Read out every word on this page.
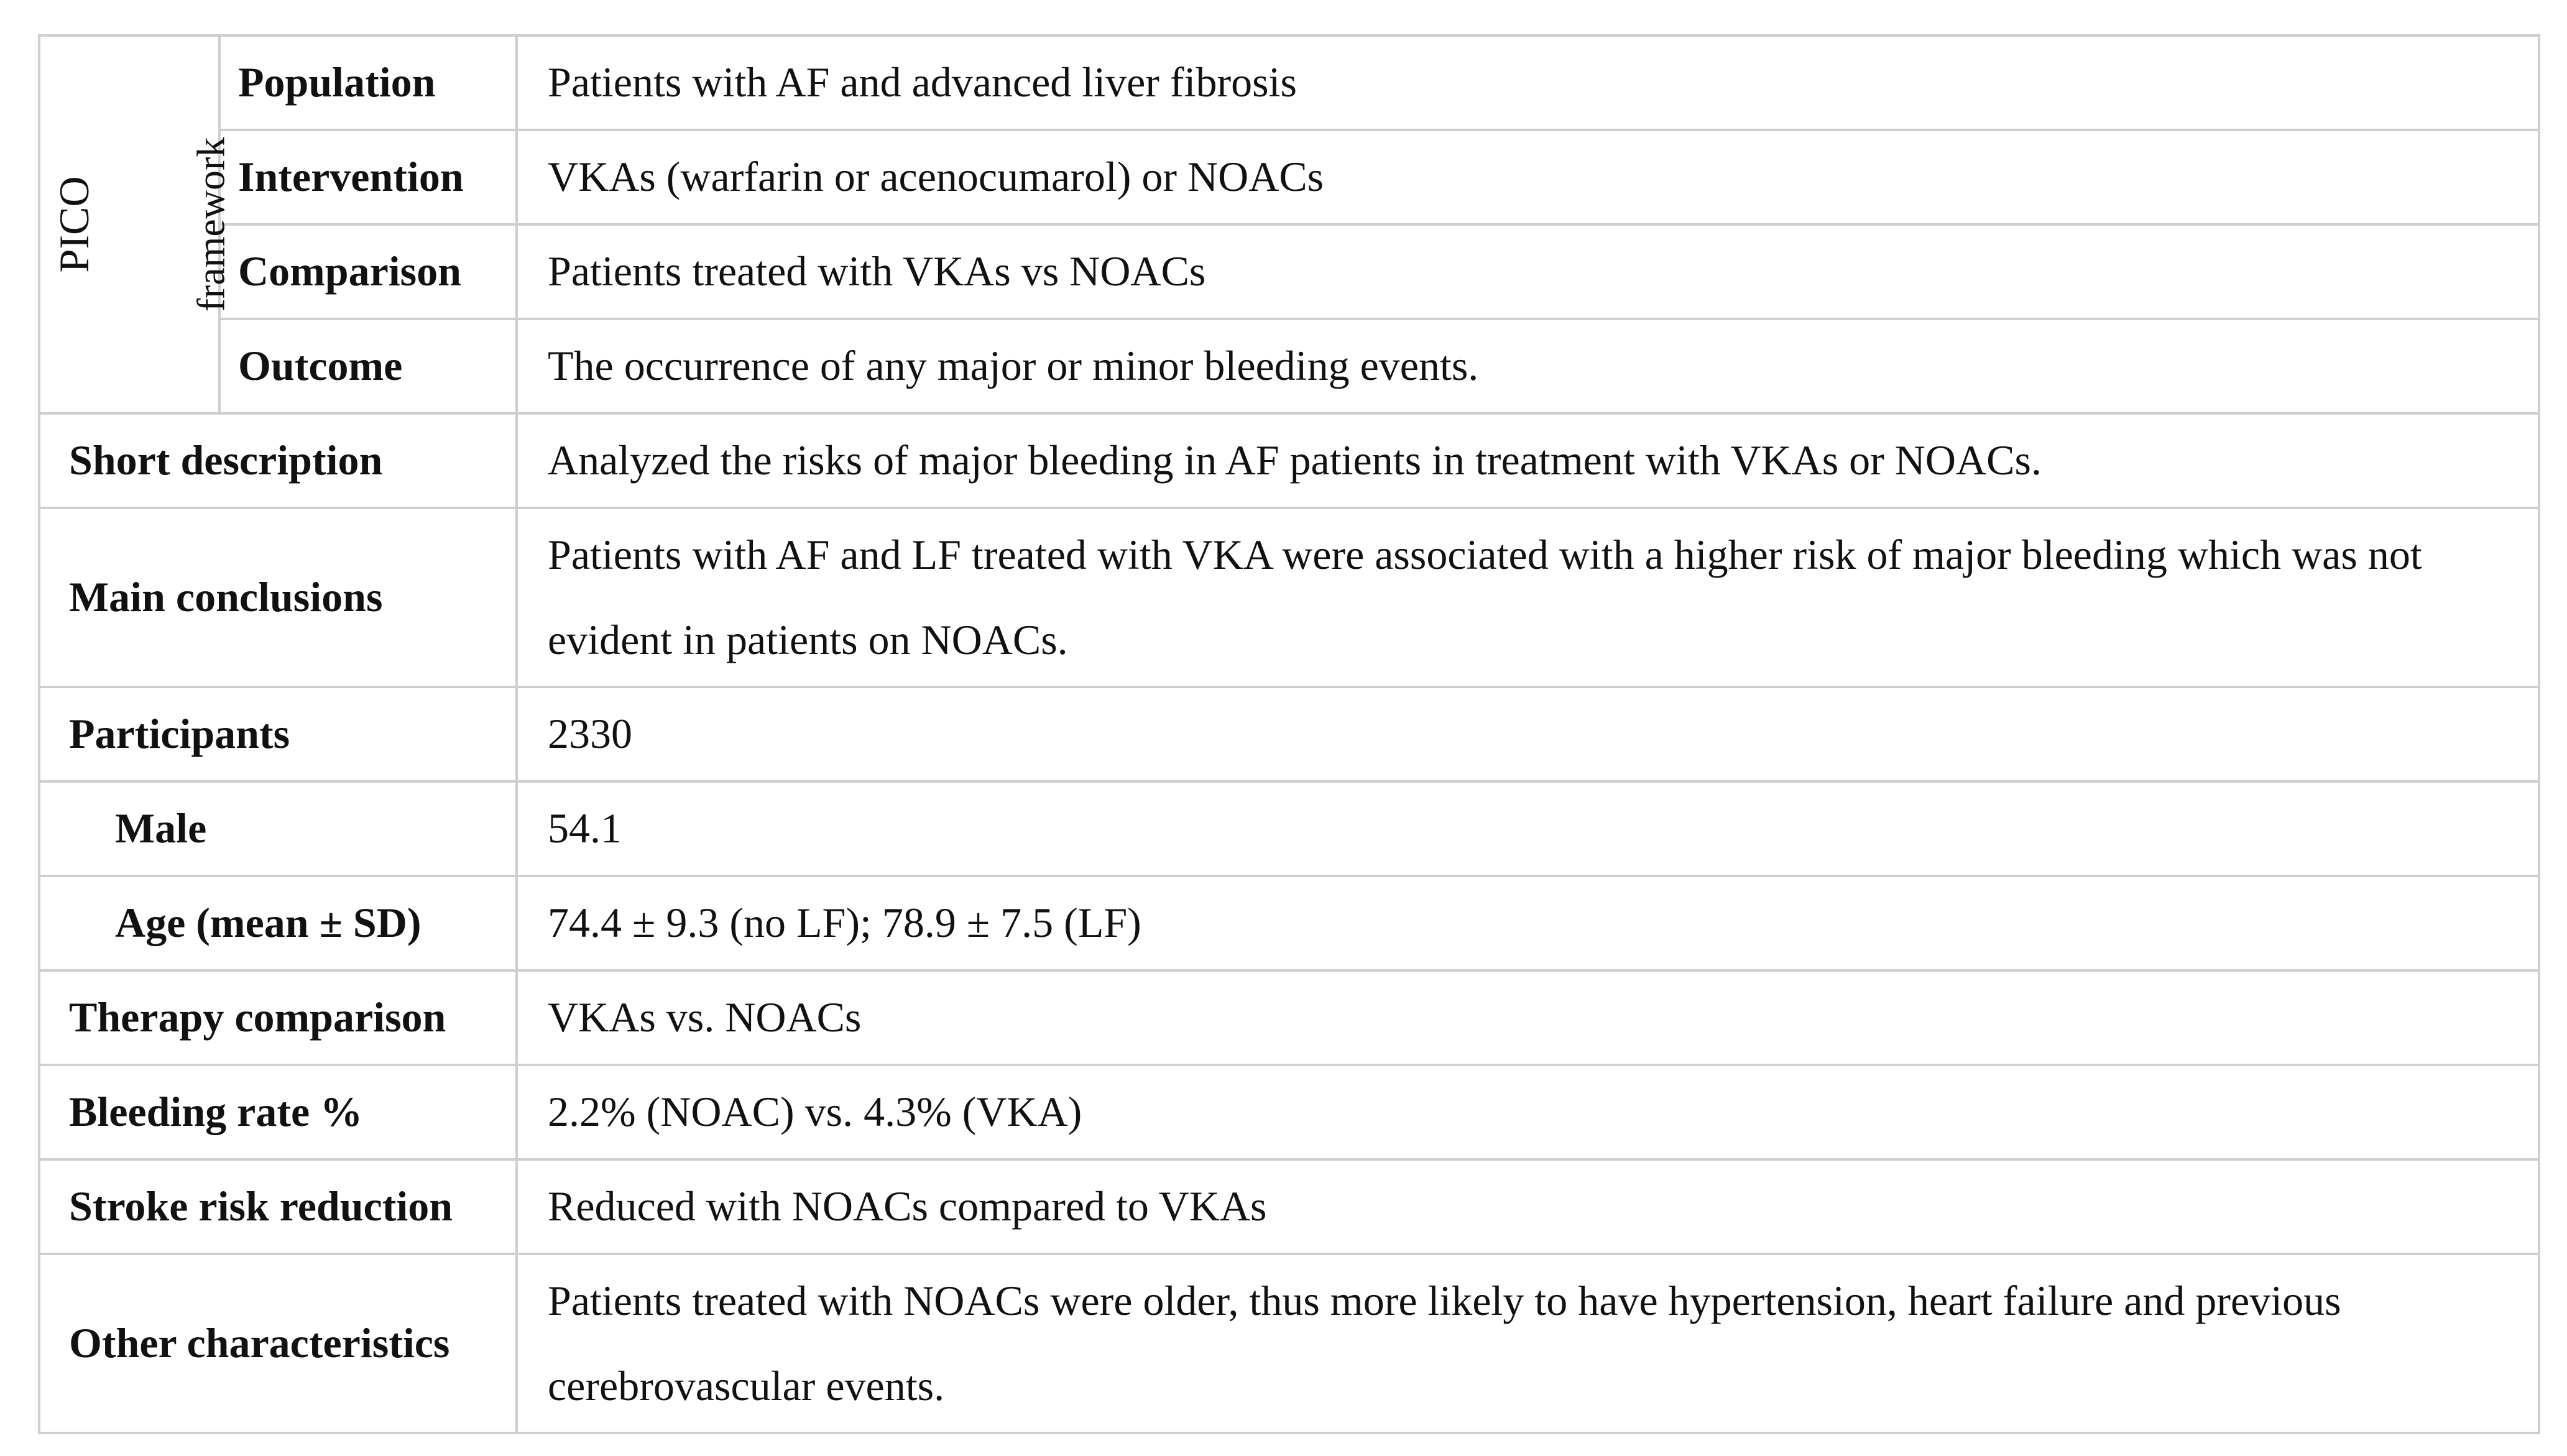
PICO framework	Population	Patients with AF and advanced liver fibrosis
	Intervention	VKAs (warfarin or acenocumarol) or NOACs
	Comparison	Patients treated with VKAs vs NOACs
	Outcome	The occurrence of any major or minor bleeding events.
Short description		Analyzed the risks of major bleeding in AF patients in treatment with VKAs or NOACs.
Main conclusions		Patients with AF and LF treated with VKA were associated with a higher risk of major bleeding which was not evident in patients on NOACs.
Participants		2330
Male		54.1
Age (mean ± SD)		74.4 ± 9.3 (no LF); 78.9 ± 7.5 (LF)
Therapy comparison		VKAs vs. NOACs
Bleeding rate %		2.2% (NOAC) vs. 4.3% (VKA)
Stroke risk reduction		Reduced with NOACs compared to VKAs
Other characteristics		Patients treated with NOACs were older, thus more likely to have hypertension, heart failure and previous cerebrovascular events.
